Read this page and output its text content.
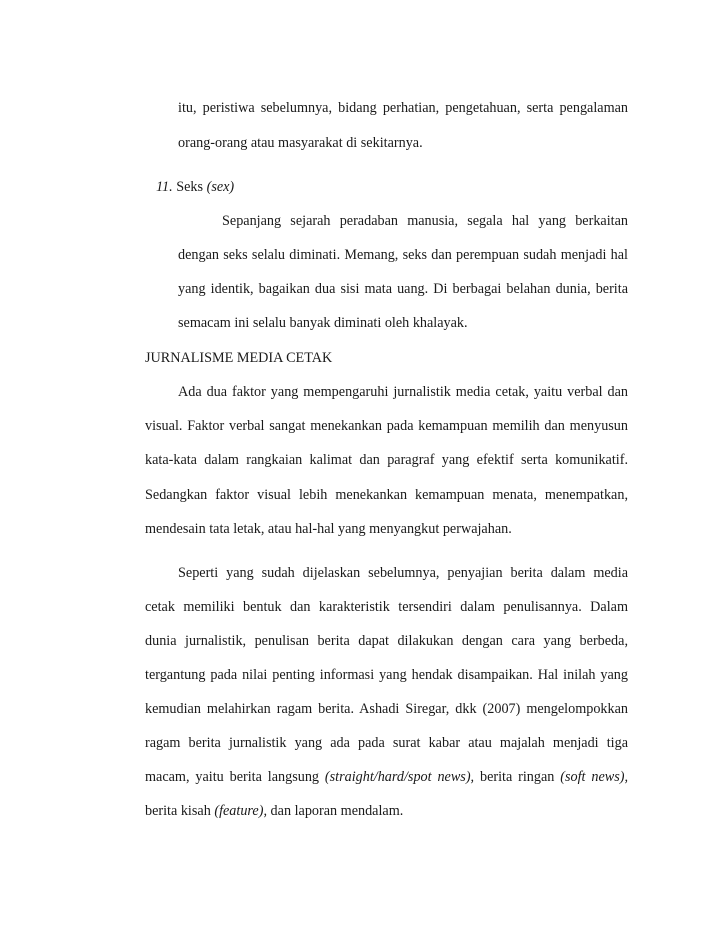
itu, peristiwa sebelumnya, bidang perhatian, pengetahuan, serta pengalaman
orang-orang atau masyarakat di sekitarnya.
11. Seks (sex)
Sepanjang sejarah peradaban manusia, segala hal yang berkaitan
dengan seks selalu diminati. Memang, seks dan perempuan sudah menjadi hal
yang identik, bagaikan dua sisi mata uang. Di berbagai belahan dunia, berita
semacam ini selalu banyak diminati oleh khalayak.
JURNALISME MEDIA CETAK
Ada dua faktor yang mempengaruhi jurnalistik media cetak, yaitu verbal dan
visual. Faktor verbal sangat menekankan pada kemampuan memilih dan menyusun
kata-kata dalam rangkaian kalimat dan paragraf yang efektif serta komunikatif.
Sedangkan faktor visual lebih menekankan kemampuan menata, menempatkan,
mendesain tata letak, atau hal-hal yang menyangkut perwajahan.
Seperti yang sudah dijelaskan sebelumnya, penyajian berita dalam media
cetak memiliki bentuk dan karakteristik tersendiri dalam penulisannya. Dalam
dunia jurnalistik, penulisan berita dapat dilakukan dengan cara yang berbeda,
tergantung pada nilai penting informasi yang hendak disampaikan. Hal inilah yang
kemudian melahirkan ragam berita. Ashadi Siregar, dkk (2007) mengelompokkan
ragam berita jurnalistik yang ada pada surat kabar atau majalah menjadi tiga
macam, yaitu berita langsung (straight/hard/spot news), berita ringan (soft news),
berita kisah (feature), dan laporan mendalam.
